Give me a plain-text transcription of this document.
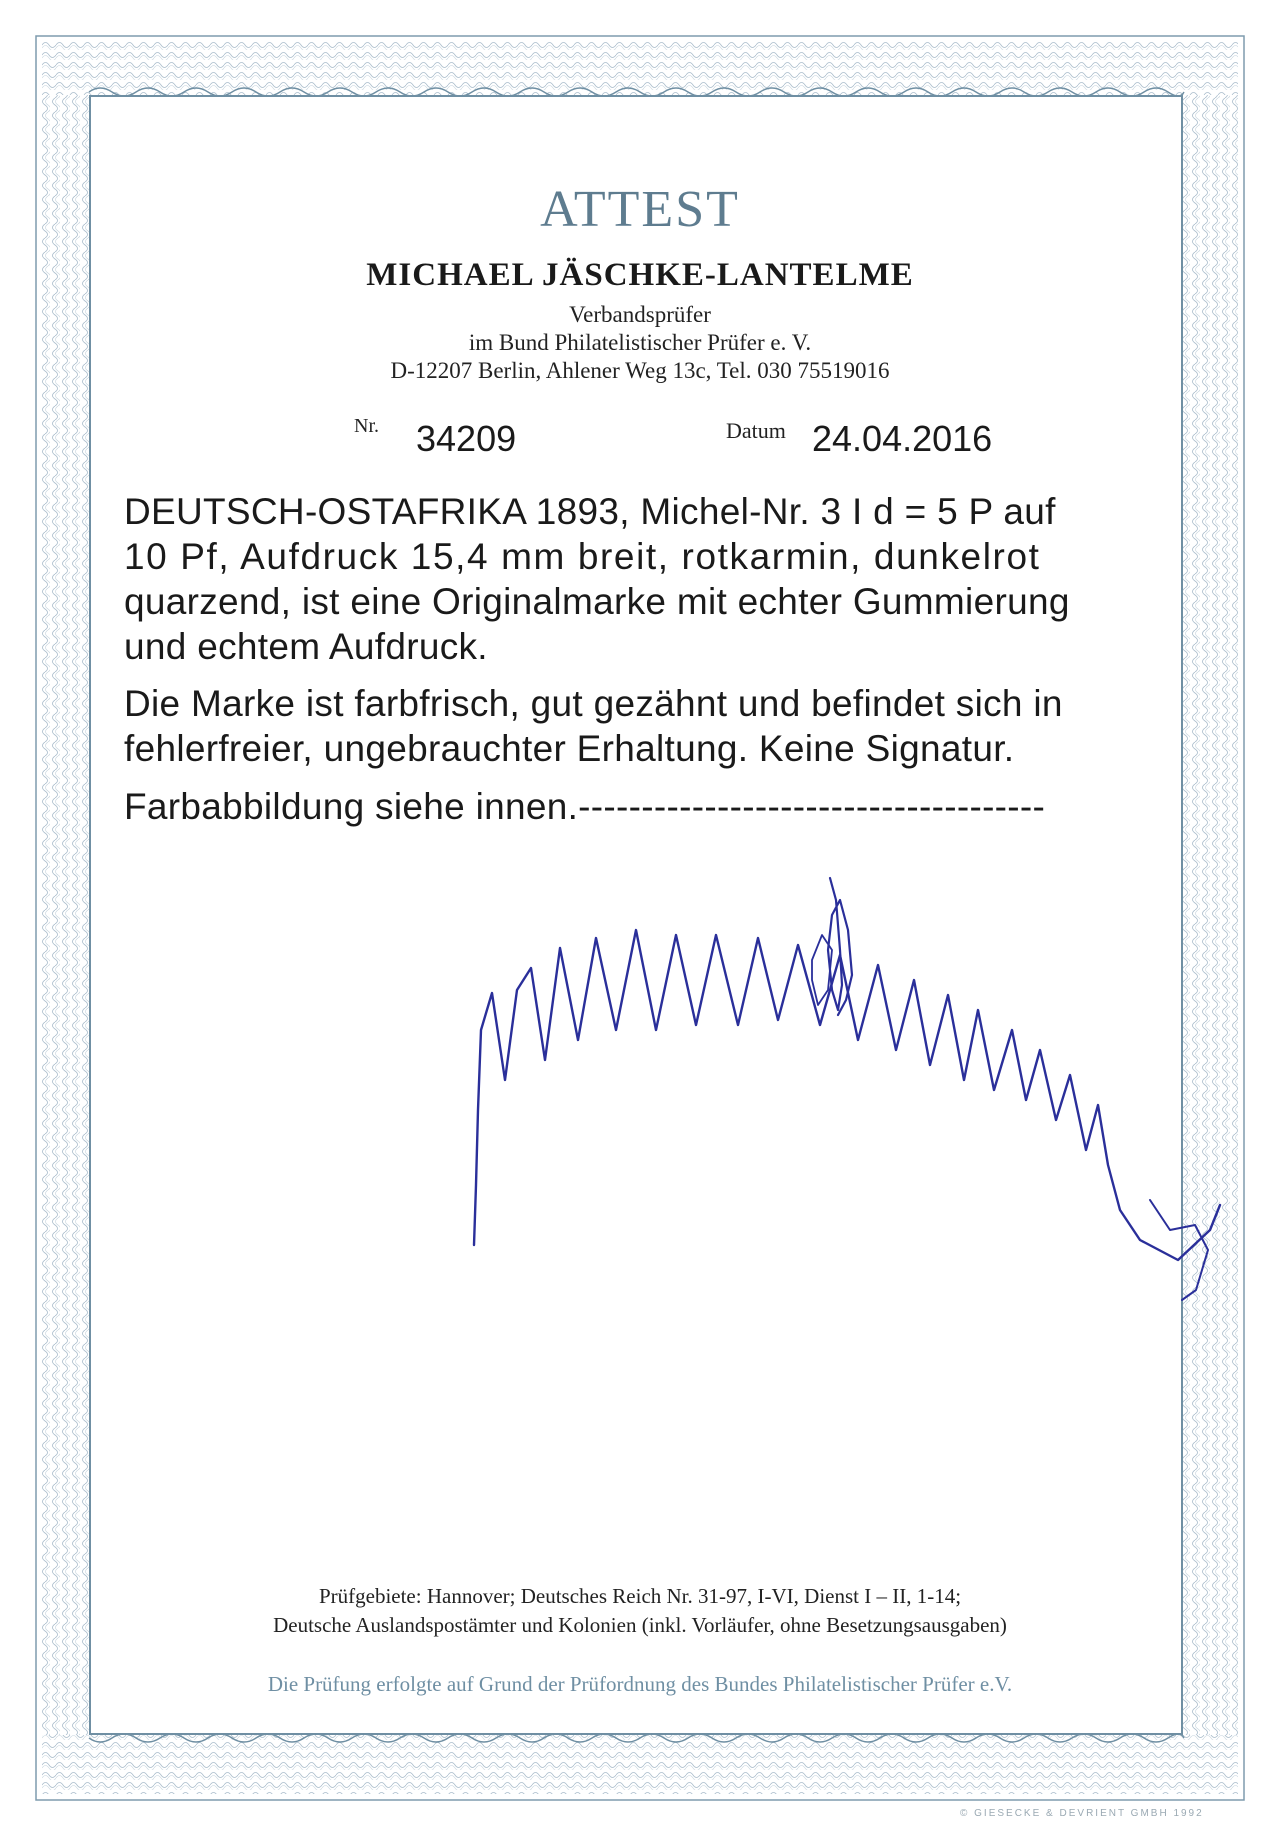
ATTEST
MICHAEL JÄSCHKE-LANTELME
Verbandsprüfer
im Bund Philatelistischer Prüfer e. V.
D-12207 Berlin, Ahlener Weg 13c, Tel. 030 75519016
Nr. 34209	Datum 24.04.2016
DEUTSCH-OSTAFRIKA 1893, Michel-Nr. 3 I d = 5 P auf
10 Pf, Aufdruck 15,4 mm breit, rotkarmin, dunkelrot
quarzend, ist eine Originalmarke mit echter Gummierung
und echtem Aufdruck.
Die Marke ist farbfrisch, gut gezähnt und befindet sich in
fehlerfreier, ungebrauchter Erhaltung. Keine Signatur.
Farbabbildung siehe innen.-------------------------------------
Prüfgebiete: Hannover; Deutsches Reich Nr. 31-97, I-VI, Dienst I – II, 1-14;
Deutsche Auslandspostämter und Kolonien (inkl. Vorläufer, ohne Besetzungsausgaben)
Die Prüfung erfolgte auf Grund der Prüfordnung des Bundes Philatelistischer Prüfer e.V.
© GIESECKE & DEVRIENT GMBH 1992
